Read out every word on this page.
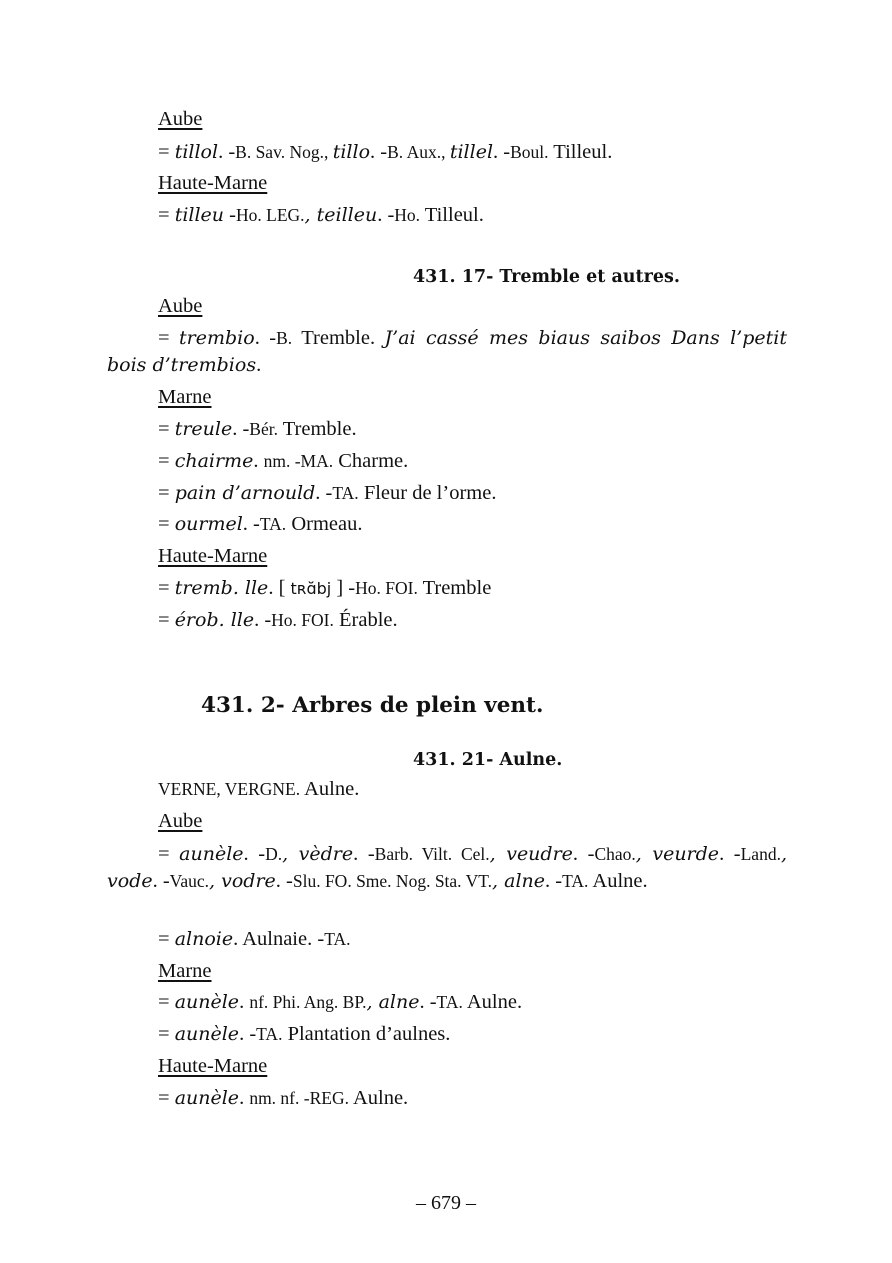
Aube
= tillol. -B. Sav. Nog., tillo. -B. Aux., tillel. -Boul. Tilleul.
Haute-Marne
= tilleu -Ho. LEG., teilleu. -Ho. Tilleul.
431. 17- Tremble et autres.
Aube
= trembio. -B. Tremble. J’ai cassé mes biaus saibos Dans l’petit bois d’trembios.
Marne
= treule. -Bér. Tremble.
= chairme. nm. -MA. Charme.
= pain d’arnould. -TA. Fleur de l’orme.
= ourmel. -TA. Ormeau.
Haute-Marne
= tremb. lle. [ tʀɑ̆bj ] -Ho. FOI. Tremble
= érob. lle. -Ho. FOI. Érable.
431. 2- Arbres de plein vent.
431. 21- Aulne.
VERNE, VERGNE. Aulne.
Aube
= aunèle. -D., vèdre. -Barb. Vilt. Cel., veudre. -Chao., veurde. -Land., vode. -Vauc., vodre. -Slu. FO. Sme. Nog. Sta. VT., alne. -TA. Aulne.
= alnoie. Aulnaie. -TA.
Marne
= aunèle. nf. Phi. Ang. BP., alne. -TA. Aulne.
= aunèle. -TA. Plantation d’aulnes.
Haute-Marne
= aunèle. nm. nf. -REG. Aulne.
– 679 –
